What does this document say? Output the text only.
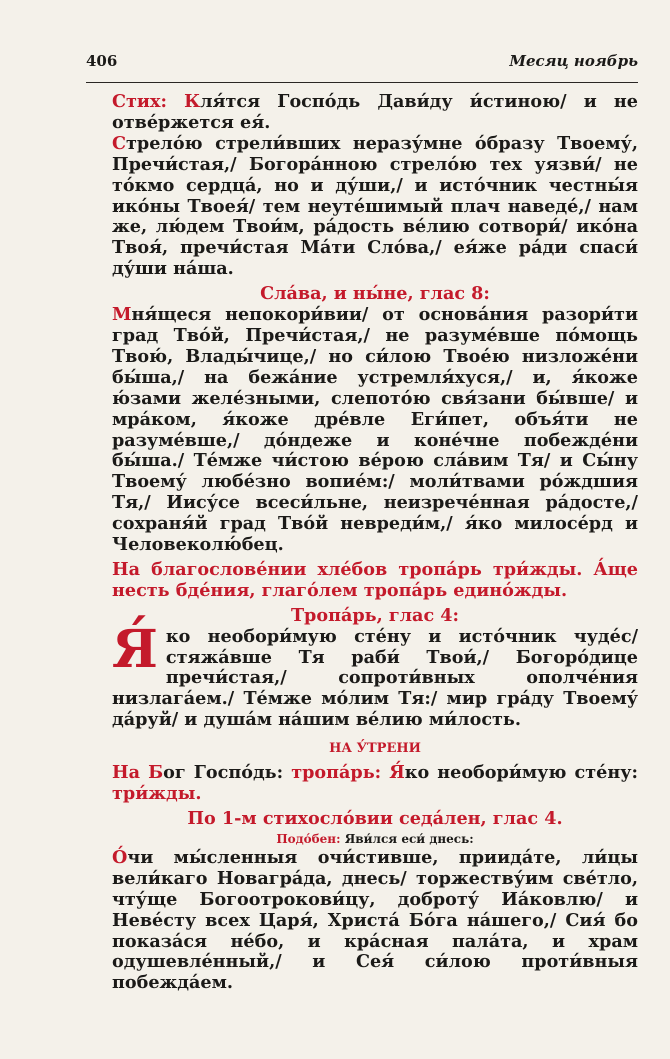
406	Месяц ноябрь

Стих: Кля́тся Госпо́дь Дави́ду и́стиною/ и не отве́ржется ея́.

Стрело́ю стрели́вших неразу́мне о́бразу Твоему́, Пречи́стая,/ Богора́нною стрело́ю тех уязви́/ не то́кмо сердца́, но и ду́ши,/ и исто́чник честны́я ико́ны Твоея́/ тем неуте́шимый плач наведе́,/ нам же, лю́дем Твои́м, ра́дость ве́лию сотвори́/ ико́на Твоя́, пречи́стая Ма́ти Сло́ва,/ ея́же ра́ди спаси́ ду́ши на́ша.

Сла́ва, и ны́не, глас 8:

Мня́щеся непокори́вии/ от основа́ния разори́ти град Тво́й, Пречи́стая,/ не разуме́вше по́мощь Твою́, Влады́чице,/ но си́лою Твое́ю низложе́ни бы́ша,/ на бежа́ние устремля́хуся,/ и, я́коже ю́зами желе́зными, слепото́ю свя́зани бы́вше/ и мра́ком, я́коже дре́вле Еги́пет, объя́ти не разуме́вше,/ до́ндеже и коне́чне побежде́ни бы́ша./ Те́мже чи́стою ве́рою сла́вим Тя/ и Сы́ну Твоему́ любе́зно вопие́м:/ моли́твами ро́ждшия Тя,/ Иису́се всеси́льне, неизрече́нная ра́досте,/ сохраня́й град Тво́й невреди́м,/ я́ко милосе́рд и Человеколю́бец.

На благослове́нии хле́бов тропа́рь три́жды. А́ще несть бде́ния, глаго́лем тропа́рь едино́жды.

Тропа́рь, глас 4:

Я́ко необори́мую сте́ну и исто́чник чуде́с/ стяжа́вше Тя раби́ Твои́,/ Богоро́дице пречи́стая,/ сопроти́вных ополче́ния низлага́ем./ Те́мже мо́лим Тя:/ мир гра́ду Твоему́ да́руй/ и душа́м на́шим ве́лию ми́лость.

НА У́ТРЕНИ

На Бог Госпо́дь: тропа́рь: Я́ко необори́мую сте́ну: три́жды.

По 1-м стихосло́вии седа́лен, глас 4.

Подо́бен: Яви́лся еси́ днесь:

О́чи мы́сленныя очи́стивше, приида́те, ли́цы вели́каго Новагра́да, днесь/ торжеству́им све́тло, чту́ще Богоотрокови́цу, доброту́ Иа́ковлю/ и Неве́сту всех Царя́, Христа́ Бо́га на́шего,/ Сия́ бо показа́ся не́бо, и кра́сная пала́та, и храм одушевле́нный,/ и Сея́ си́лою проти́вныя побежда́ем.
